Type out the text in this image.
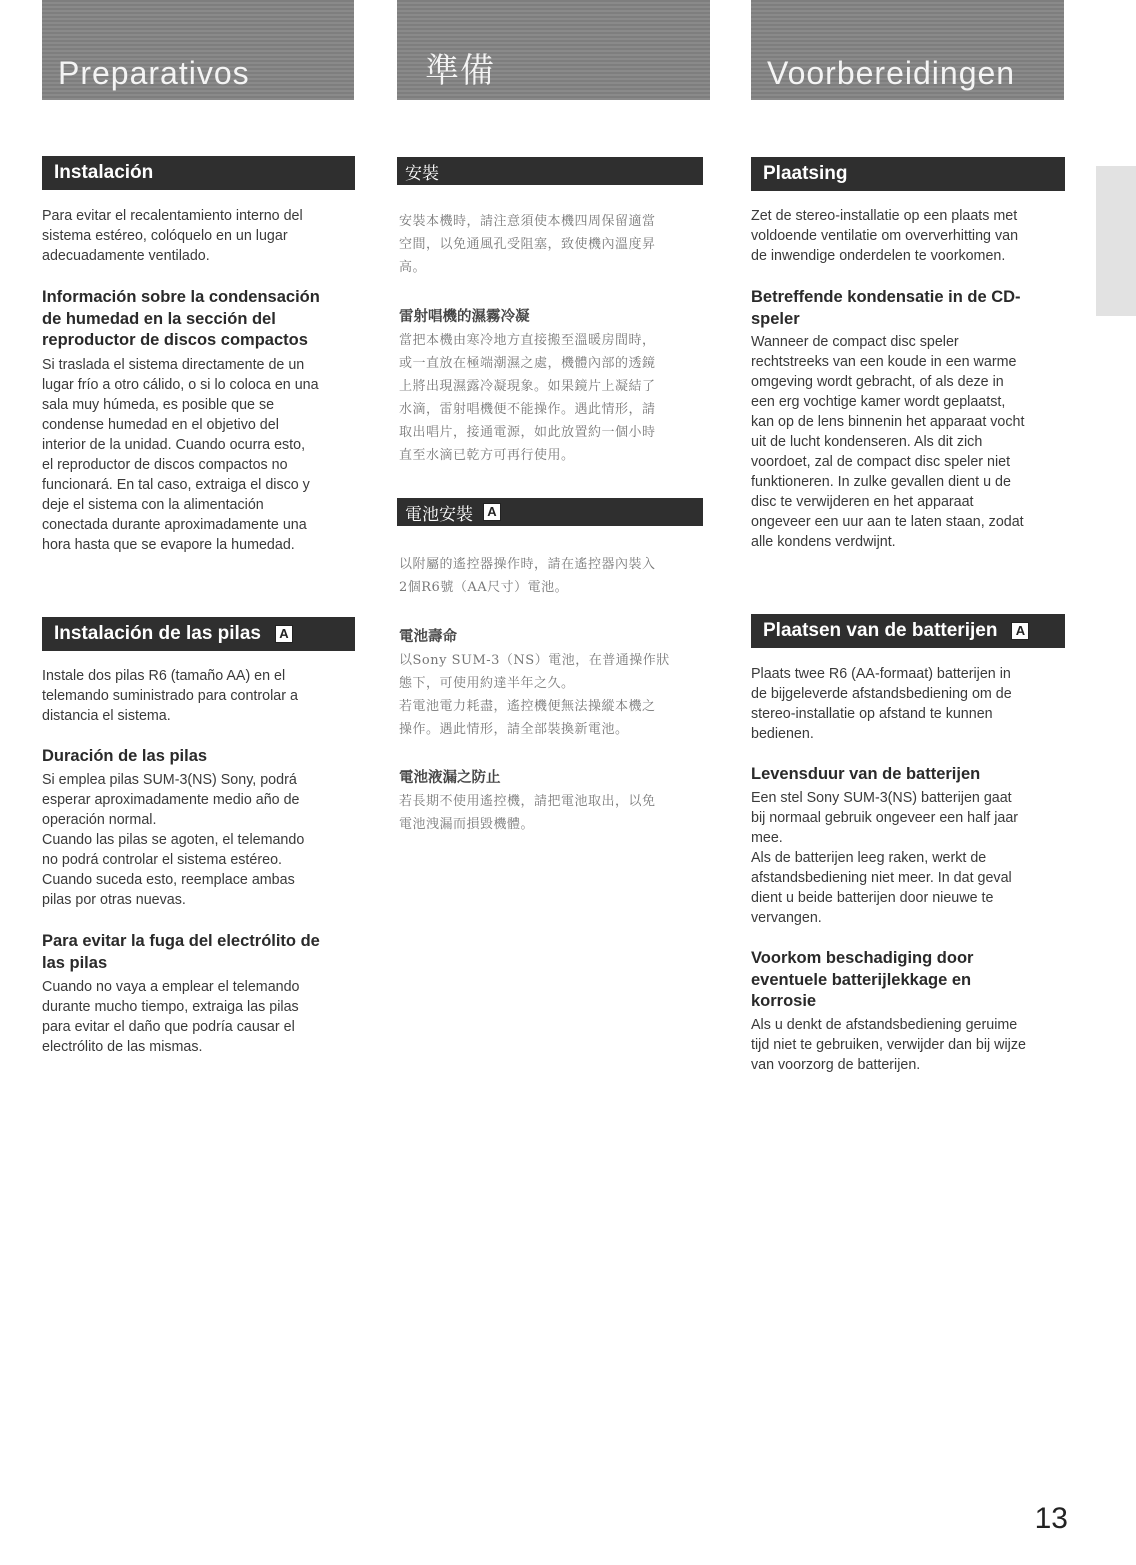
Preparativos	準備	Voorbereidingen
Instalación
Para evitar el recalentamiento interno del
sistema estéreo, colóquelo en un lugar
adecuadamente ventilado.
Información sobre la condensación
de humedad en la sección del
reproductor de discos compactos
Si traslada el sistema directamente de un
lugar frío a otro cálido, o si lo coloca en una
sala muy húmeda, es posible que se
condense humedad en el objetivo del
interior de la unidad. Cuando ocurra esto,
el reproductor de discos compactos no
funcionará. En tal caso, extraiga el disco y
deje el sistema con la alimentación
conectada durante aproximadamente una
hora hasta que se evapore la humedad.
Instalación de las pilas	A
Instale dos pilas R6 (tamaño AA) en el
telemando suministrado para controlar a
distancia el sistema.
Duración de las pilas
Si emplea pilas SUM-3(NS) Sony, podrá
esperar aproximadamente medio año de
operación normal.
Cuando las pilas se agoten, el telemando
no podrá controlar el sistema estéreo.
Cuando suceda esto, reemplace ambas
pilas por otras nuevas.
Para evitar la fuga del electrólito de
las pilas
Cuando no vaya a emplear el telemando
durante mucho tiempo, extraiga las pilas
para evitar el daño que podría causar el
electrólito de las mismas.
安裝
安裝本機時，請注意須使本機四周保留適當
空間，以免通風孔受阻塞，致使機內溫度昇
高。
雷射唱機的濕霧冷凝
當把本機由寒冷地方直接搬至溫暖房間時，
或一直放在極端潮濕之處，機體內部的透鏡
上將出現濕露冷凝現象。如果鏡片上凝結了
水滴，雷射唱機便不能操作。遇此情形，請
取出唱片，接通電源，如此放置約一個小時
直至水滴已乾方可再行使用。
電池安裝	A
以附屬的遙控器操作時，請在遙控器內裝入
2個R6號（AA尺寸）電池。
電池壽命
以Sony SUM-3（NS）電池，在普通操作狀
態下，可使用約達半年之久。
若電池電力耗盡，遙控機便無法操縱本機之
操作。遇此情形，請全部裝換新電池。
電池液漏之防止
若長期不使用遙控機，請把電池取出，以免
電池洩漏而損毀機體。
Plaatsing
Zet de stereo-installatie op een plaats met
voldoende ventilatie om oververhitting van
de inwendige onderdelen te voorkomen.
Betreffende kondensatie in de CD-
speler
Wanneer de compact disc speler
rechtstreeks van een koude in een warme
omgeving wordt gebracht, of als deze in
een erg vochtige kamer wordt geplaatst,
kan op de lens binnenin het apparaat vocht
uit de lucht kondenseren. Als dit zich
voordoet, zal de compact disc speler niet
funktioneren. In zulke gevallen dient u de
disc te verwijderen en het apparaat
ongeveer een uur aan te laten staan, zodat
alle kondens verdwijnt.
Plaatsen van de batterijen	A
Plaats twee R6 (AA-formaat) batterijen in
de bijgeleverde afstandsbediening om de
stereo-installatie op afstand te kunnen
bedienen.
Levensduur van de batterijen
Een stel Sony SUM-3(NS) batterijen gaat
bij normaal gebruik ongeveer een half jaar
mee.
Als de batterijen leeg raken, werkt de
afstandsbediening niet meer. In dat geval
dient u beide batterijen door nieuwe te
vervangen.
Voorkom beschadiging door
eventuele batterijlekkage en
korrosie
Als u denkt de afstandsbediening geruime
tijd niet te gebruiken, verwijder dan bij wijze
van voorzorg de batterijen.
13
